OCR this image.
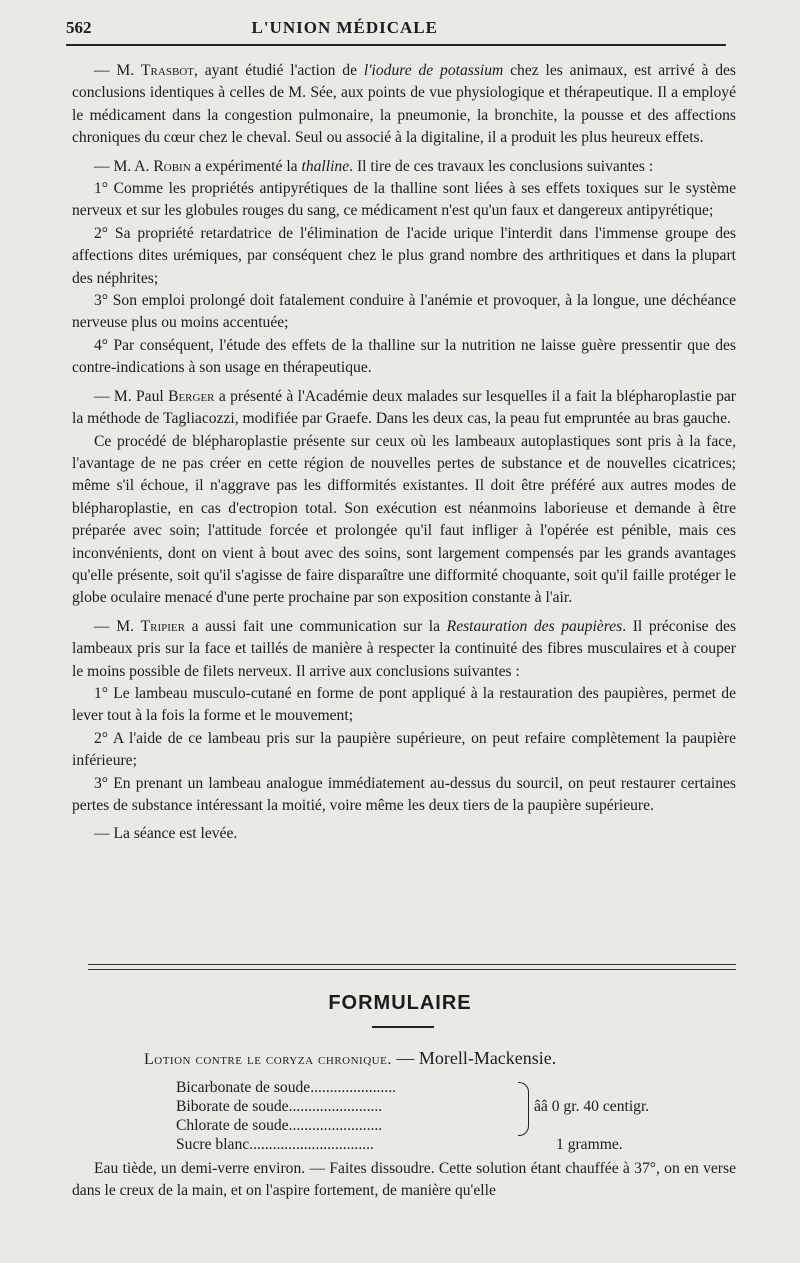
562	L'UNION MÉDICALE

— M. Trasbot, ayant étudié l'action de l'iodure de potassium chez les animaux, est arrivé à des conclusions identiques à celles de M. Sée, aux points de vue physiologique et thérapeutique. Il a employé le médicament dans la congestion pulmonaire, la pneumonie, la bronchite, la pousse et des affections chroniques du cœur chez le cheval. Seul ou associé à la digitaline, il a produit les plus heureux effets.

— M. A. Robin a expérimenté la thalline. Il tire de ces travaux les conclusions suivantes :

1° Comme les propriétés antipyrétiques de la thalline sont liées à ses effets toxiques sur le système nerveux et sur les globules rouges du sang, ce médicament n'est qu'un faux et dangereux antipyrétique;

2° Sa propriété retardatrice de l'élimination de l'acide urique l'interdit dans l'immense groupe des affections dites urémiques, par conséquent chez le plus grand nombre des arthritiques et dans la plupart des néphrites;

3° Son emploi prolongé doit fatalement conduire à l'anémie et provoquer, à la longue, une déchéance nerveuse plus ou moins accentuée;

4° Par conséquent, l'étude des effets de la thalline sur la nutrition ne laisse guère pressentir que des contre-indications à son usage en thérapeutique.

— M. Paul Berger a présenté à l'Académie deux malades sur lesquelles il a fait la blépharoplastie par la méthode de Tagliacozzi, modifiée par Graefe. Dans les deux cas, la peau fut empruntée au bras gauche.

Ce procédé de blépharoplastie présente sur ceux où les lambeaux autoplastiques sont pris à la face, l'avantage de ne pas créer en cette région de nouvelles pertes de substance et de nouvelles cicatrices; même s'il échoue, il n'aggrave pas les difformités existantes. Il doit être préféré aux autres modes de blépharoplastie, en cas d'ectropion total. Son exécution est néanmoins laborieuse et demande à être préparée avec soin; l'attitude forcée et prolongée qu'il faut infliger à l'opérée est pénible, mais ces inconvénients, dont on vient à bout avec des soins, sont largement compensés par les grands avantages qu'elle présente, soit qu'il s'agisse de faire disparaître une difformité choquante, soit qu'il faille protéger le globe oculaire menacé d'une perte prochaine par son exposition constante à l'air.

— M. Tripier a aussi fait une communication sur la Restauration des paupières. Il préconise des lambeaux pris sur la face et taillés de manière à respecter la continuité des fibres musculaires et à couper le moins possible de filets nerveux. Il arrive aux conclusions suivantes :

1° Le lambeau musculo-cutané en forme de pont appliqué à la restauration des paupières, permet de lever tout à la fois la forme et le mouvement;

2° A l'aide de ce lambeau pris sur la paupière supérieure, on peut refaire complètement la paupière inférieure;

3° En prenant un lambeau analogue immédiatement au-dessus du sourcil, on peut restaurer certaines pertes de substance intéressant la moitié, voire même les deux tiers de la paupière supérieure.

— La séance est levée.

FORMULAIRE
Lotion contre le coryza chronique. — Morell-Mackensie.
Bicarbonate de soude ......................
Biborate de soude ........................
Chlorate de soude ........................
Sucre blanc ................................
ââ 0 gr. 40 centigr.
1 gramme.

Eau tiède, un demi-verre environ. — Faites dissoudre. Cette solution étant chauffée à 37°, on en verse dans le creux de la main, et on l'aspire fortement, de manière qu'elle
